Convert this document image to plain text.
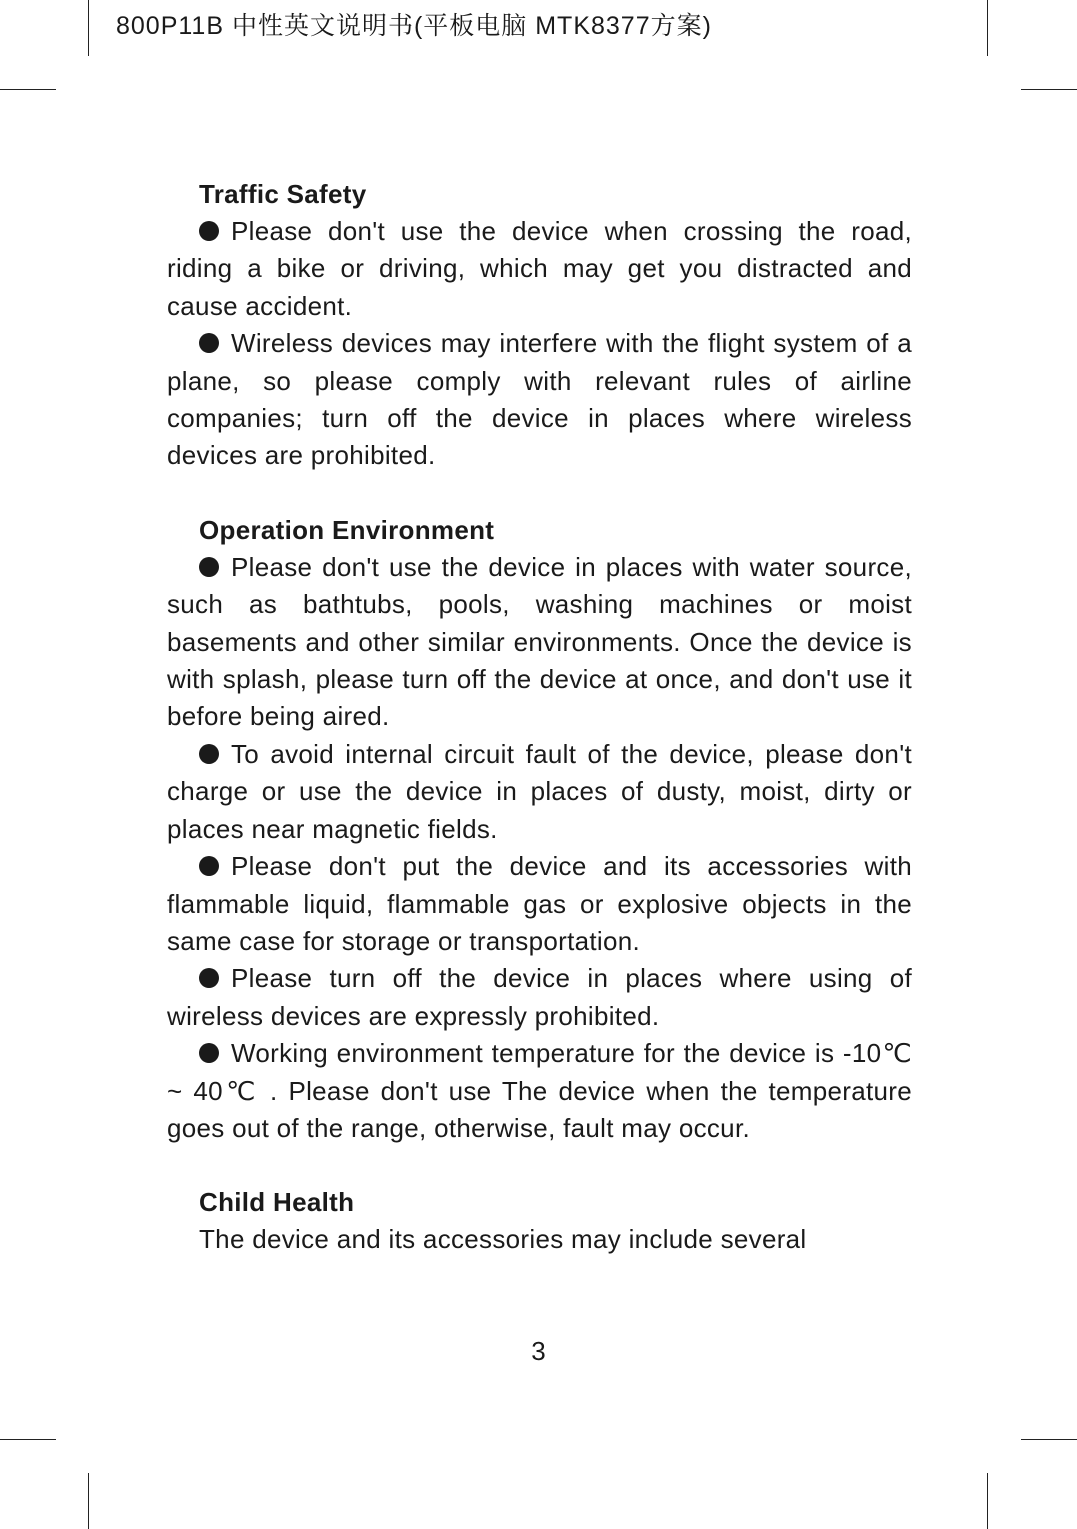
800P11B 中性英文说明书(平板电脑 MTK8377方案)
Traffic Safety

Please don't use the device when crossing the road, riding a bike or driving, which may get you distracted and cause accident.

Wireless devices may interfere with the flight system of a plane, so please comply with relevant rules of airline companies; turn off the device in places where wireless devices are prohibited.

Operation Environment

Please don't use the device in places with water source, such as bathtubs, pools, washing machines or moist basements and other similar environments. Once the device is with splash, please turn off the device at once, and don't use it before being aired.

To avoid internal circuit fault of the device, please don't charge or use the device in places of dusty, moist, dirty or places near magnetic fields.

Please don't put the device and its accessories with flammable liquid, flammable gas or explosive objects in the same case for storage or transportation.

Please turn off the device in places where using of wireless devices are expressly prohibited.

Working environment temperature for the device is -10℃ ~ 40℃ . Please don't use The device when the temperature goes out of the range, otherwise, fault may occur.

Child Health

The device and its accessories may include several

3
